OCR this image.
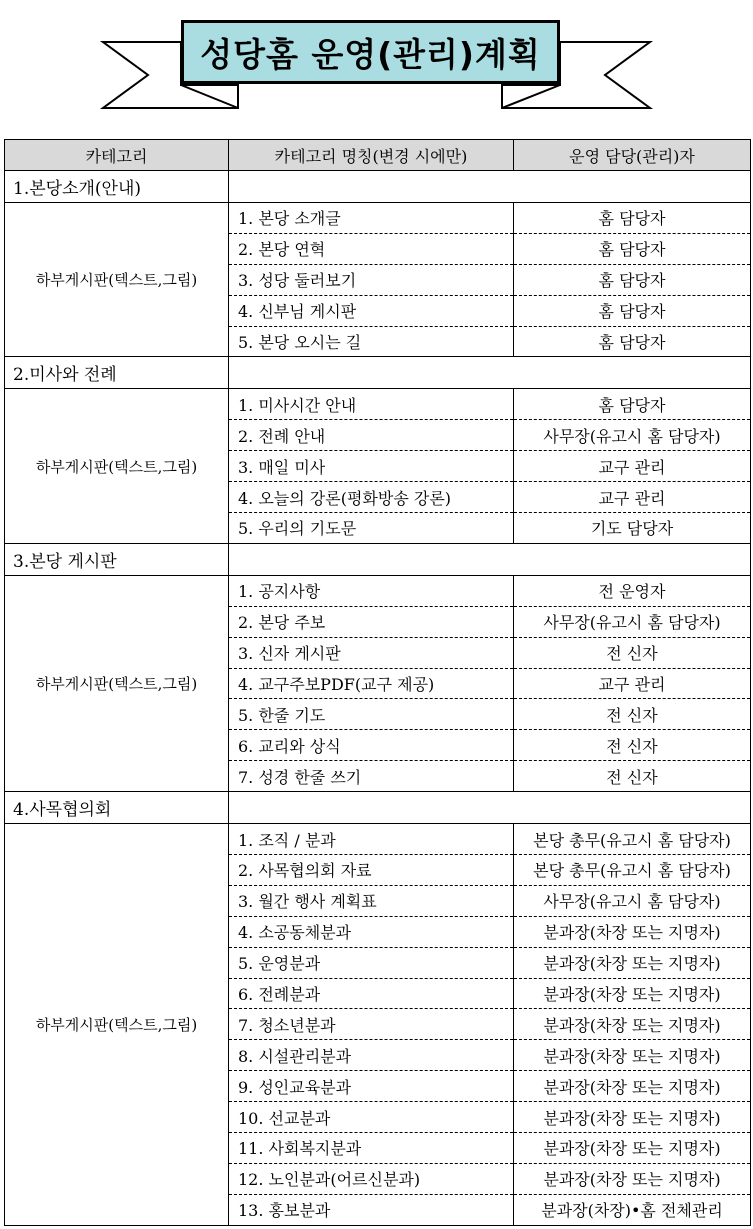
성당홈 운영(관리)계획
카테고리	카테고리 명칭(변경 시에만)	운영 담당(관리)자
1.본당소개(안내)		
하부게시판(텍스트,그림)	1. 본당 소개글	홈 담당자
	2. 본당 연혁	홈 담당자
	3. 성당 둘러보기	홈 담당자
	4. 신부님 게시판	홈 담당자
	5. 본당 오시는 길	홈 담당자
2.미사와 전례		
하부게시판(텍스트,그림)	1. 미사시간 안내	홈 담당자
	2. 전례 안내	사무장(유고시 홈 담당자)
	3. 매일 미사	교구 관리
	4. 오늘의 강론(평화방송 강론)	교구 관리
	5. 우리의 기도문	기도 담당자
3.본당 게시판		
하부게시판(텍스트,그림)	1. 공지사항	전 운영자
	2. 본당 주보	사무장(유고시 홈 담당자)
	3. 신자 게시판	전 신자
	4. 교구주보PDF(교구 제공)	교구 관리
	5. 한줄 기도	전 신자
	6. 교리와 상식	전 신자
	7. 성경 한줄 쓰기	전 신자
4.사목협의회		
하부게시판(텍스트,그림)	1. 조직 / 분과	본당 총무(유고시 홈 담당자)
	2. 사목협의회 자료	본당 총무(유고시 홈 담당자)
	3. 월간 행사 계획표	사무장(유고시 홈 담당자)
	4. 소공동체분과	분과장(차장 또는 지명자)
	5. 운영분과	분과장(차장 또는 지명자)
	6. 전례분과	분과장(차장 또는 지명자)
	7. 청소년분과	분과장(차장 또는 지명자)
	8. 시설관리분과	분과장(차장 또는 지명자)
	9. 성인교육분과	분과장(차장 또는 지명자)
	10. 선교분과	분과장(차장 또는 지명자)
	11. 사회복지분과	분과장(차장 또는 지명자)
	12. 노인분과(어르신분과)	분과장(차장 또는 지명자)
	13. 홍보분과	분과장(차장)•홈 전체관리
